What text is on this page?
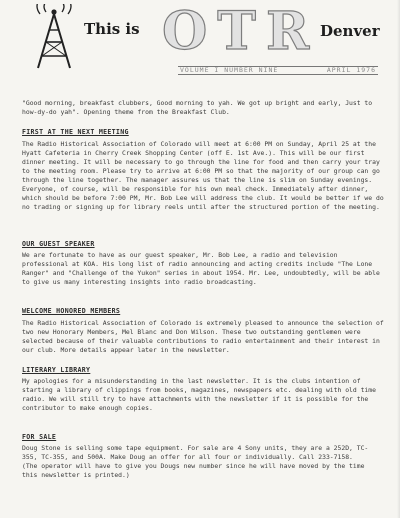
This is OTR Denver
VOLUME I NUMBER NINE	APRIL 1976

"Good morning, breakfast clubbers, Good morning to yah. We got up bright and early, Just to how-dy-do yah". Opening theme from the Breakfast Club.

FIRST AT THE NEXT MEETING

The Radio Historical Association of Colorado will meet at 6:00 PM on Sunday, April 25 at the Hyatt Cafeteria in Cherry Creek Shopping Center (off E. 1st Ave.). This will be our first dinner meeting. It will be necessary to go through the line for food and then carry your tray to the meeting room. Please try to arrive at 6:00 PM so that the majority of our group can go through the line together. The manager assures us that the line is slim on Sunday evenings. Everyone, of course, will be responsible for his own meal check. Immediately after dinner, which should be before 7:00 PM, Mr. Bob Lee will address the club. It would be better if we do no trading or signing up for library reels until after the structured portion of the meeting.

OUR GUEST SPEAKER

We are fortunate to have as our guest speaker, Mr. Bob Lee, a radio and television professional at KOA. His long list of radio announcing and acting credits include "The Lone Ranger" and "Challenge of the Yukon" series in about 1954. Mr. Lee, undoubtedly, will be able to give us many interesting insights into radio broadcasting.

WELCOME HONORED MEMBERS

The Radio Historical Association of Colorado is extremely pleased to announce the selection of two new Honorary Members, Mel Blanc and Don Wilson. These two outstanding gentlemen were selected because of their valuable contributions to radio entertainment and their interest in our club. More details appear later in the newsletter.

LITERARY LIBRARY

My apologies for a misunderstanding in the last newsletter. It is the clubs intention of starting a library of clippings from books, magazines, newspapers etc. dealing with old time radio. We will still try to have attachments with the newsletter if it is possible for the contributor to make enough copies.

FOR SALE

Doug Stone is selling some tape equipment. For sale are 4 Sony units, they are a 252D, TC-355, TC-355, and 500A. Make Doug an offer for all four or individually. Call 233-7158. (The operator will have to give you Dougs new number since he will have moved by the time this newsletter is printed.)
